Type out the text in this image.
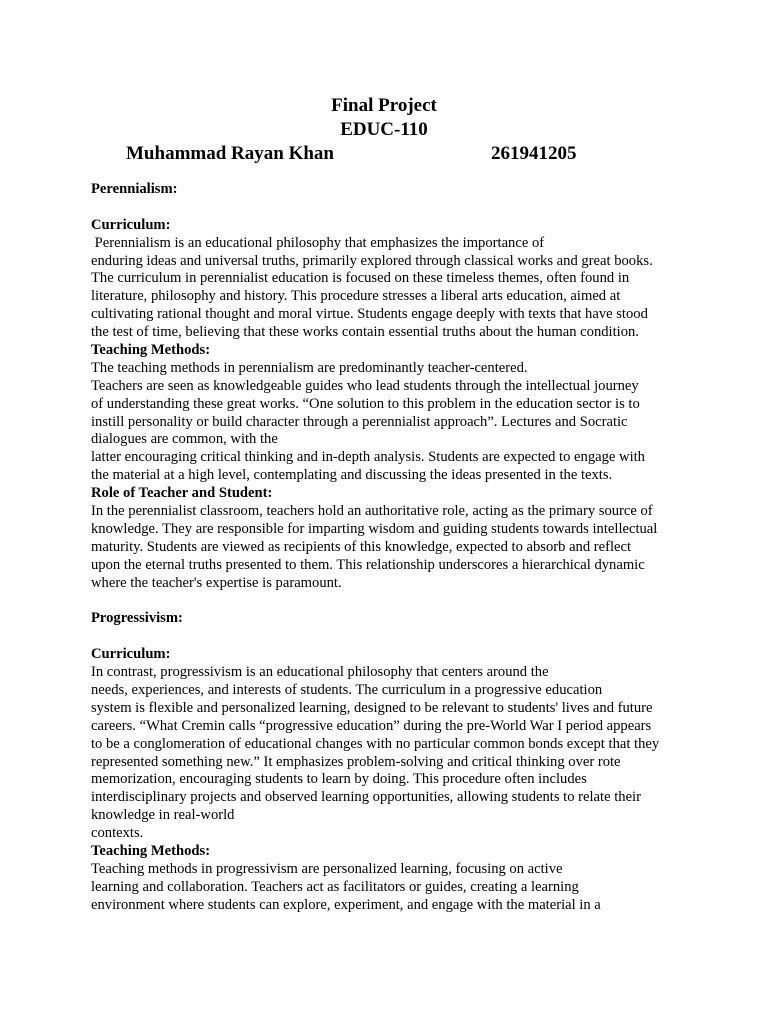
Final Project
EDUC-110
Muhammad Rayan Khan	261941205
Perennialism:
Curriculum:
Perennialism is an educational philosophy that emphasizes the importance of
enduring ideas and universal truths, primarily explored through classical works and great books.
The curriculum in perennialist education is focused on these timeless themes, often found in
literature, philosophy and history. This procedure stresses a liberal arts education, aimed at
cultivating rational thought and moral virtue. Students engage deeply with texts that have stood
the test of time, believing that these works contain essential truths about the human condition.
Teaching Methods:
The teaching methods in perennialism are predominantly teacher-centered.
Teachers are seen as knowledgeable guides who lead students through the intellectual journey
of understanding these great works. “One solution to this problem in the education sector is to
instill personality or build character through a perennialist approach”. Lectures and Socratic
dialogues are common, with the
latter encouraging critical thinking and in-depth analysis. Students are expected to engage with
the material at a high level, contemplating and discussing the ideas presented in the texts.
Role of Teacher and Student:
In the perennialist classroom, teachers hold an authoritative role, acting as the primary source of
knowledge. They are responsible for imparting wisdom and guiding students towards intellectual
maturity. Students are viewed as recipients of this knowledge, expected to absorb and reflect
upon the eternal truths presented to them. This relationship underscores a hierarchical dynamic
where the teacher's expertise is paramount.
Progressivism:
Curriculum:
In contrast, progressivism is an educational philosophy that centers around the
needs, experiences, and interests of students. The curriculum in a progressive education
system is flexible and personalized learning, designed to be relevant to students' lives and future
careers. “What Cremin calls “progressive education” during the pre-World War I period appears
to be a conglomeration of educational changes with no particular common bonds except that they
represented something new.” It emphasizes problem-solving and critical thinking over rote
memorization, encouraging students to learn by doing. This procedure often includes
interdisciplinary projects and observed learning opportunities, allowing students to relate their
knowledge in real-world
contexts.
Teaching Methods:
Teaching methods in progressivism are personalized learning, focusing on active
learning and collaboration. Teachers act as facilitators or guides, creating a learning
environment where students can explore, experiment, and engage with the material in a
